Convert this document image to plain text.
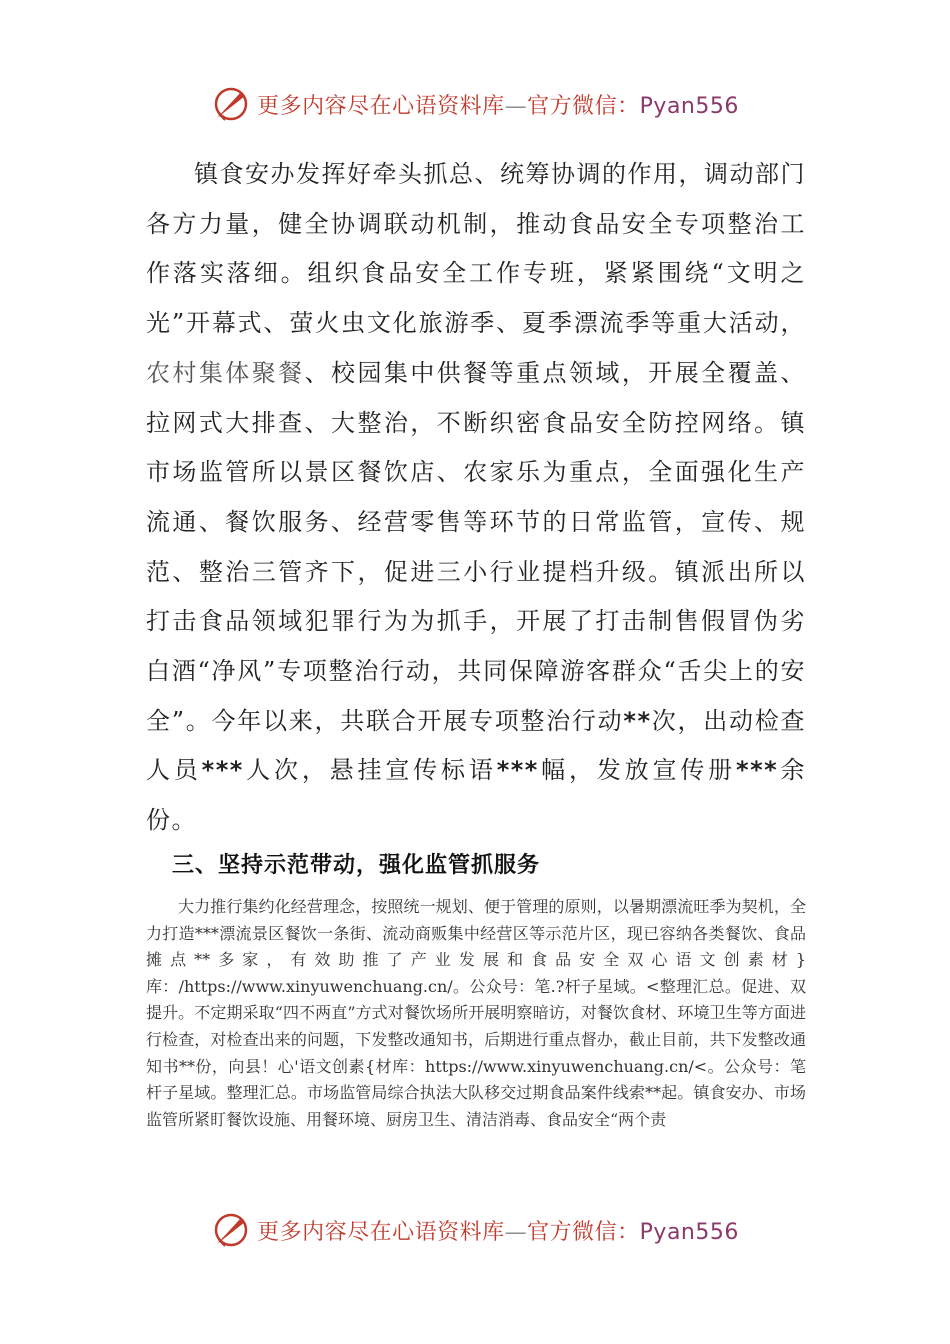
更多内容尽在心语资料库—官方微信：Pyan556
镇食安办发挥好牵头抓总、统筹协调的作用，调动部门各方力量，健全协调联动机制，推动食品安全专项整治工作落实落细。组织食品安全工作专班，紧紧围绕“文明之光”开幕式、萤火虫文化旅游季、夏季漂流季等重大活动，农村集体聚餐、校园集中供餐等重点领域，开展全覆盖、拉网式大排查、大整治，不断织密食品安全防控网络。镇市场监管所以景区餐饮店、农家乐为重点，全面强化生产流通、餐饮服务、经营零售等环节的日常监管，宣传、规范、整治三管齐下，促进三小行业提档升级。镇派出所以打击食品领域犯罪行为为抓手，开展了打击制售假冒伪劣白酒“净风”专项整治行动，共同保障游客群众“舌尖上的安全”。今年以来，共联合开展专项整治行动**次，出动检查人员***人次，悬挂宣传标语***幅，发放宣传册***余份。
三、坚持示范带动，强化监管抓服务
大力推行集约化经营理念，按照统一规划、便于管理的原则，以暑期漂流旺季为契机，全力打造***漂流景区餐饮一条街、流动商贩集中经营区等示范片区，现已容纳各类餐饮、食品摊点**多家，有效助推了产业发展和食品安全双心语文创素材}库：/https://www.xinyuwenchuang.cn/。公众号：笔.?杆子星域。<整理汇总。促进、双提升。不定期采取“四不两直”方式对餐饮场所开展明察暗访，对餐饮食材、环境卫生等方面进行检查，对检查出来的问题，下发整改通知书，后期进行重点督办，截止目前，共下发整改通知书**份，向县！心'语文创素{材库：https://www.xinyuwenchuang.cn/<。公众号：笔杆子星域。整理汇总。市场监管局综合执法大队移交过期食品案件线索**起。镇食安办、市场监管所紧盯餐饮设施、用餐环境、厨房卫生、清洁消毒、食品安全“两个责
更多内容尽在心语资料库—官方微信：Pyan556
